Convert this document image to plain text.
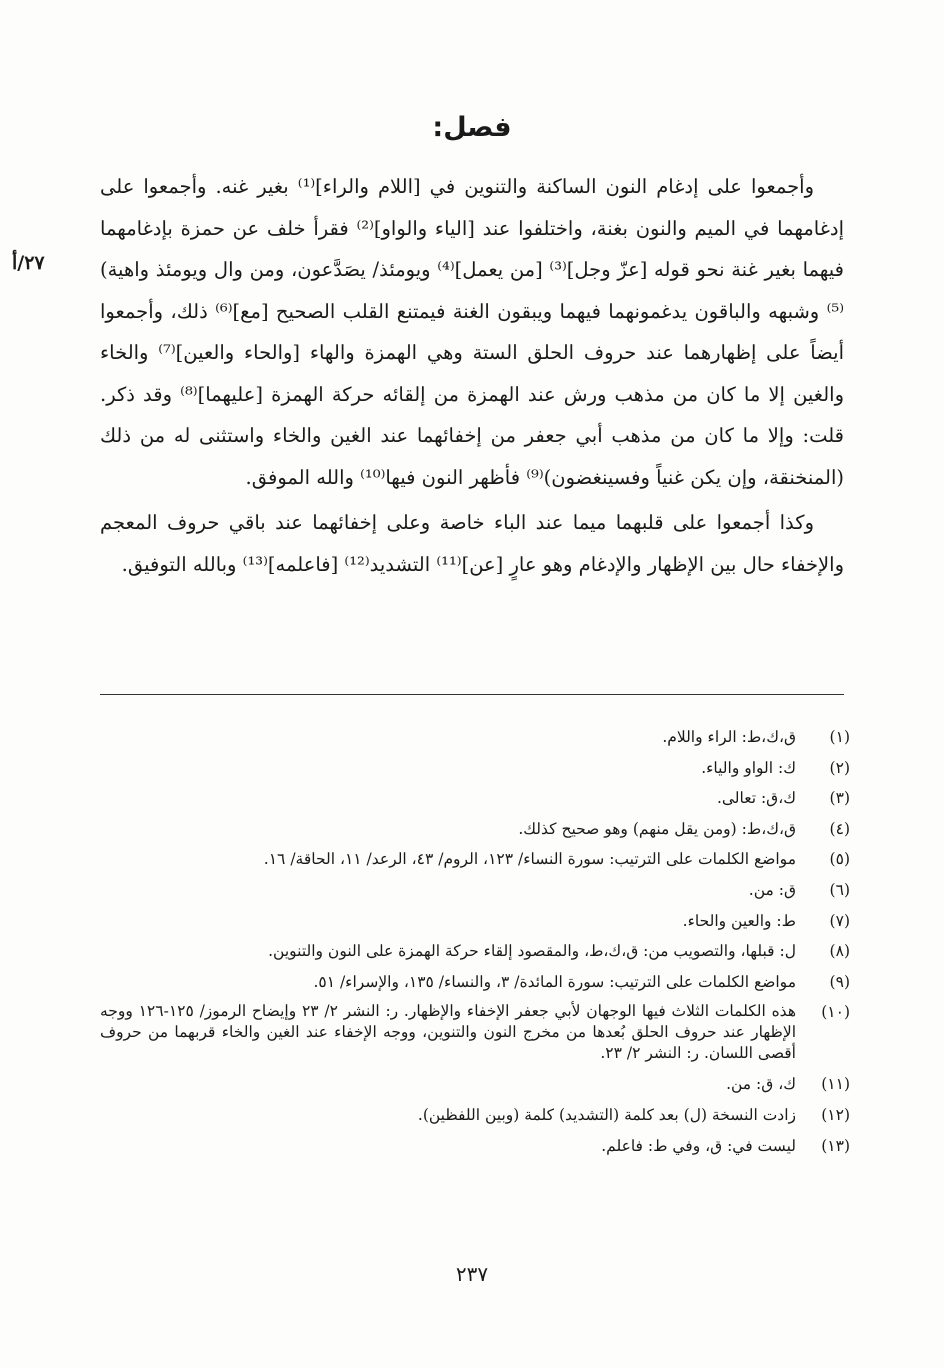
فصل:
٢٧/أ

وأجمعوا على إدغام النون الساكنة والتنوين في [اللام والراء]⁽¹⁾ بغير غنه. وأجمعوا على إدغامهما في الميم والنون بغنة، واختلفوا عند [الياء والواو]⁽²⁾ فقرأ خلف عن حمزة بإدغامهما فيهما بغير غنة نحو قوله [عزّ وجل]⁽³⁾ [من يعمل]⁽⁴⁾ ويومئذ/ يصَدَّعون، ومن وال ويومئذ واهية)⁽⁵⁾ وشبهه والباقون يدغمونهما فيهما ويبقون الغنة فيمتنع القلب الصحيح [مع]⁽⁶⁾ ذلك، وأجمعوا أيضاً على إظهارهما عند حروف الحلق الستة وهي الهمزة والهاء [والحاء والعين]⁽⁷⁾ والخاء والغين إلا ما كان من مذهب ورش عند الهمزة من إلقائه حركة الهمزة [عليهما]⁽⁸⁾ وقد ذكر. قلت: وإلا ما كان من مذهب أبي جعفر من إخفائهما عند الغين والخاء واستثنى له من ذلك (المنخنقة، وإن يكن غنياً وفسينغضون)⁽⁹⁾ فأظهر النون فيها⁽¹⁰⁾ والله الموفق.

وكذا أجمعوا على قلبهما ميما عند الباء خاصة وعلى إخفائهما عند باقي حروف المعجم والإخفاء حال بين الإظهار والإدغام وهو عارٍ [عن]⁽¹¹⁾ التشديد⁽¹²⁾ [فاعلمه]⁽¹³⁾ وبالله التوفيق.

(١)
ق،ك،ط: الراء واللام.
(٢)
ك: الواو والياء.
(٣)
ك،ق: تعالى.
(٤)
ق،ك،ط: (ومن يقل منهم) وهو صحيح كذلك.
(٥)
مواضع الكلمات على الترتيب: سورة النساء/ ١٢٣، الروم/ ٤٣، الرعد/ ١١، الحاقة/ ١٦.
(٦)
ق: من.
(٧)
ط: والعين والحاء.
(٨)
ل: قبلها، والتصويب من: ق،ك،ط، والمقصود إلقاء حركة الهمزة على النون والتنوين.
(٩)
مواضع الكلمات على الترتيب: سورة المائدة/ ٣، والنساء/ ١٣٥، والإسراء/ ٥١.
(١٠)
هذه الكلمات الثلاث فيها الوجهان لأبي جعفر الإخفاء والإظهار. ر: النشر ٢/ ٢٣ وإيضاح الرموز/ ١٢٥-١٢٦ ووجه الإظهار عند حروف الحلق بُعدها من مخرج النون والتنوين، ووجه الإخفاء عند الغين والخاء قربهما من حروف أقصى اللسان. ر: النشر ٢/ ٢٣.
(١١)
ك، ق: من.
(١٢)
زادت النسخة (ل) بعد كلمة (التشديد) كلمة (وبين اللفظين).
(١٣)
ليست في: ق، وفي ط: فاعلم.
٢٣٧
